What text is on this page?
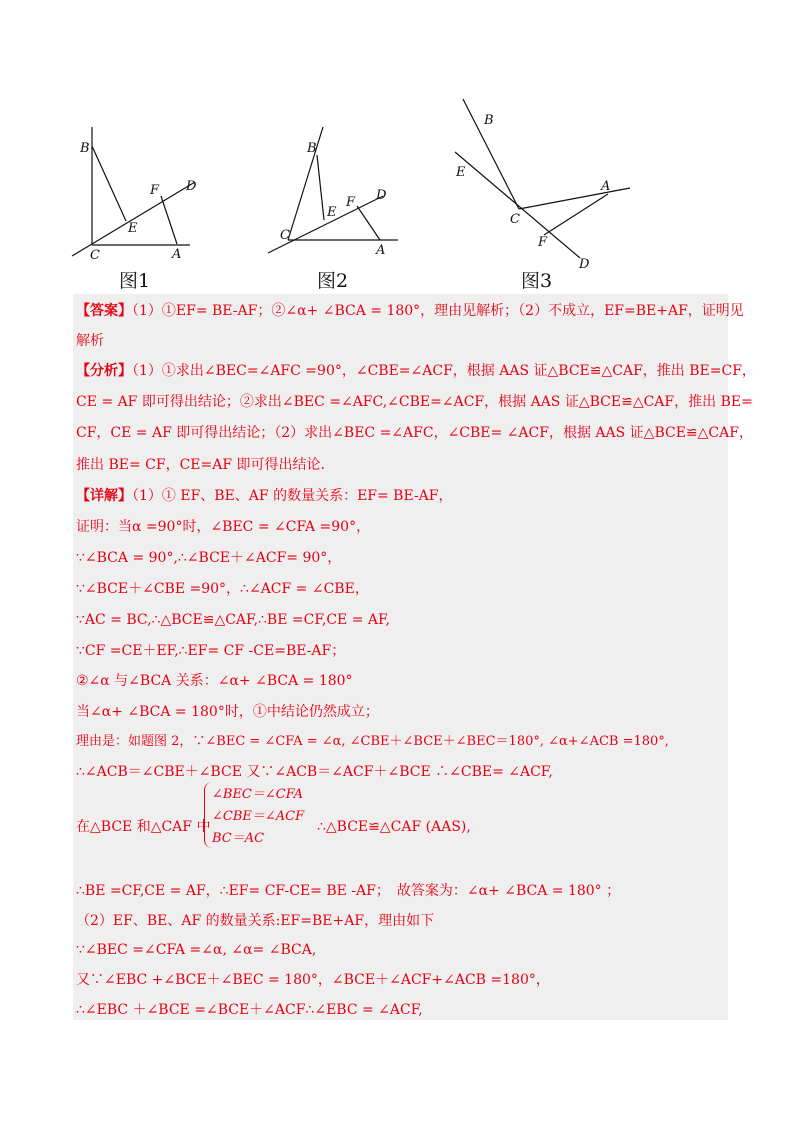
B
E
F D
C	A
B
E
F D
C
A
B
E
A
C
F
D
图1	图2	图3
【答案】（1）①EF= BE-AF；②∠α+ ∠BCA = 180°，理由见解析；（2）不成立，EF=BE+AF，证明见
解析
【分析】（1）①求出∠BEC=∠AFC =90°，∠CBE=∠ACF，根据 AAS 证△BCE≌△CAF，推出 BE=CF，
CE = AF 即可得出结论；②求出∠BEC =∠AFC,∠CBE=∠ACF，根据 AAS 证△BCE≌△CAF，推出 BE=
CF，CE = AF 即可得出结论；（2）求出∠BEC =∠AFC，∠CBE= ∠ACF，根据 AAS 证△BCE≌△CAF，
推出 BE= CF，CE=AF 即可得出结论．
【详解】（1）① EF、BE、AF 的数量关系：EF= BE-AF，
证明：当α =90°时，∠BEC = ∠CFA =90°，
∵∠BCA = 90°,∴∠BCE＋∠ACF= 90°，
∵∠BCE＋∠CBE =90°，∴∠ACF = ∠CBE，
∵AC = BC,∴△BCE≌△CAF,∴BE =CF,CE = AF,
∵CF =CE＋EF,∴EF= CF -CE=BE-AF；
②∠α 与∠BCA 关系：∠α+ ∠BCA = 180°
当∠α+ ∠BCA = 180°时，①中结论仍然成立；
理由是：如题图 2，∵∠BEC = ∠CFA = ∠α, ∠CBE＋∠BCE＋∠BEC＝180°, ∠α+∠ACB =180°,
∴∠ACB＝∠CBE＋∠BCE 又∵∠ACB＝∠ACF＋∠BCE ∴∠CBE= ∠ACF,
∠BEC＝∠CFA
∠CBE＝∠ACF
BC＝AC
在△BCE 和△CAF 中	∴△BCE≌△CAF (AAS),
∴BE =CF,CE = AF，∴EF= CF-CE= BE -AF；　故答案为：∠α+ ∠BCA = 180° ；
（2）EF、BE、AF 的数量关系:EF=BE+AF，理由如下
∵∠BEC =∠CFA =∠α, ∠α= ∠BCA,
又∵∠EBC +∠BCE＋∠BEC = 180°，∠BCE＋∠ACF+∠ACB =180°，
∴∠EBC ＋∠BCE =∠BCE＋∠ACF∴∠EBC = ∠ACF,
